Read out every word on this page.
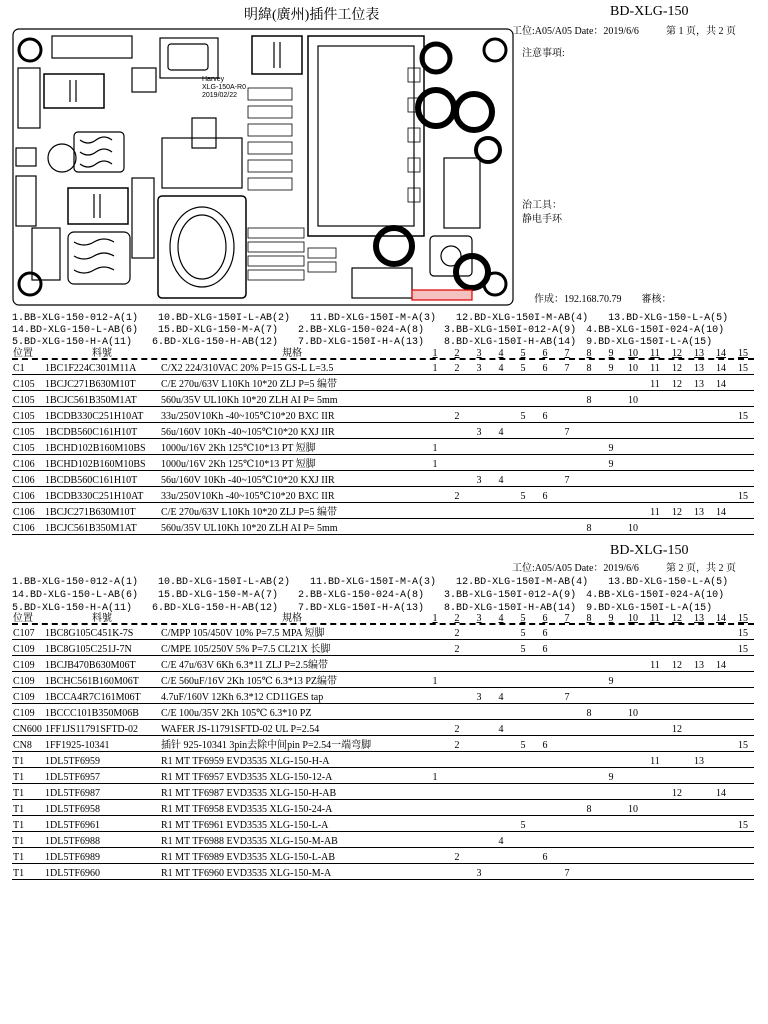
明緯(廣州)插件工位表	BD-XLG-150
工位:A05/A05 Date：2019/6/6	第 1 页，共 2 页
注意事項:
治工具：
静电手环
作成：192.168.70.79　　審核：
Harvey
XLG-150A-R0
2019/02/22
1.BB-XLG-150-012-A(1)　　10.BD-XLG-150I-L-AB(2)　　11.BD-XLG-150I-M-A(3)　　12.BD-XLG-150I-M-AB(4)　　13.BD-XLG-150-L-A(5)
14.BD-XLG-150-L-AB(6)　　15.BD-XLG-150-M-A(7)　　2.BB-XLG-150-024-A(8)　　3.BB-XLG-150I-012-A(9)　4.BB-XLG-150I-024-A(10)
5.BD-XLG-150-H-A(11)　　6.BD-XLG-150-H-AB(12)　　7.BD-XLG-150I-H-A(13)　　8.BD-XLG-150I-H-AB(14)　9.BD-XLG-150I-L-A(15)
位置	料號	規格	1	2	3	4	5	6	7	8	9	10	11	12	13	14	15
C1	1BC1F224C301M11A	C/X2 224/310VAC 20% P=15 GS-L L=3.5	1	2	3	4	5	6	7	8	9	10	11	12	13	14	15
C105	1BCJC271B630M10T	C/E 270u/63V L10Kh 10*20 ZLJ P=5 编带											11	12	13	14	
C105	1BCJC561B350M1AT	560u/35V UL10Kh 10*20 ZLH AI P= 5mm								8		10					
C105	1BCDB330C251H10AT	33u/250V10Kh -40~105℃10*20 BXC IIR		2			5	6									15
C105	1BCDB560C161H10T	56u/160V 10Kh -40~105℃10*20 KXJ IIR			3	4			7								
C105	1BCHD102B160M10BS	1000u/16V 2Kh 125℃10*13 PT 短脚	1								9						
C106	1BCHD102B160M10BS	1000u/16V 2Kh 125℃10*13 PT 短脚	1								9						
C106	1BCDB560C161H10T	56u/160V 10Kh -40~105℃10*20 KXJ IIR			3	4			7								
C106	1BCDB330C251H10AT	33u/250V10Kh -40~105℃10*20 BXC IIR		2			5	6									15
C106	1BCJC271B630M10T	C/E 270u/63V L10Kh 10*20 ZLJ P=5 编带											11	12	13	14	
C106	1BCJC561B350M1AT	560u/35V UL10Kh 10*20 ZLH AI P= 5mm								8		10					
BD-XLG-150
工位:A05/A05 Date：2019/6/6	第 2 页，共 2 页
1.BB-XLG-150-012-A(1)　　10.BD-XLG-150I-L-AB(2)　　11.BD-XLG-150I-M-A(3)　　12.BD-XLG-150I-M-AB(4)　　13.BD-XLG-150-L-A(5)
14.BD-XLG-150-L-AB(6)　　15.BD-XLG-150-M-A(7)　　2.BB-XLG-150-024-A(8)　　3.BB-XLG-150I-012-A(9)　4.BB-XLG-150I-024-A(10)
5.BD-XLG-150-H-A(11)　　6.BD-XLG-150-H-AB(12)　　7.BD-XLG-150I-H-A(13)　　8.BD-XLG-150I-H-AB(14)　9.BD-XLG-150I-L-A(15)
位置	料號	規格	1	2	3	4	5	6	7	8	9	10	11	12	13	14	15
C107	1BC8G105C451K-7S	C/MPP 105/450V 10% P=7.5 MPA 短脚		2			5	6									15
C109	1BC8G105C251J-7N	C/MPE 105/250V 5% P=7.5 CL21X 长脚		2			5	6									15
C109	1BCJB470B630M06T	C/E 47u/63V 6Kh 6.3*11 ZLJ P=2.5编带											11	12	13	14	
C109	1BCHC561B160M06T	C/E 560uF/16V 2Kh 105℃ 6.3*13 PZ编带	1								9						
C109	1BCCA4R7C161M06T	4.7uF/160V 12Kh 6.3*12 CD11GES tap			3	4			7								
C109	1BCCC101B350M06B	C/E 100u/35V 2Kh 105℃ 6.3*10 PZ								8		10					
CN600	1FF1JS11791SFTD-02	WAFER JS-11791SFTD-02 UL P=2.54		2		4								12			
CN8	1FF1925-10341	插针 925-10341 3pin去除中间pin P=2.54一端弯脚		2			5	6									15
T1	1DL5TF6959	R1 MT TF6959 EVD3535 XLG-150-H-A											11		13		
T1	1DL5TF6957	R1 MT TF6957 EVD3535 XLG-150-12-A	1								9						
T1	1DL5TF6987	R1 MT TF6987 EVD3535 XLG-150-H-AB												12		14	
T1	1DL5TF6958	R1 MT TF6958 EVD3535 XLG-150-24-A								8		10					
T1	1DL5TF6961	R1 MT TF6961 EVD3535 XLG-150-L-A					5										15
T1	1DL5TF6988	R1 MT TF6988 EVD3535 XLG-150-M-AB				4											
T1	1DL5TF6989	R1 MT TF6989 EVD3535 XLG-150-L-AB		2				6									
T1	1DL5TF6960	R1 MT TF6960 EVD3535 XLG-150-M-A			3				7								
